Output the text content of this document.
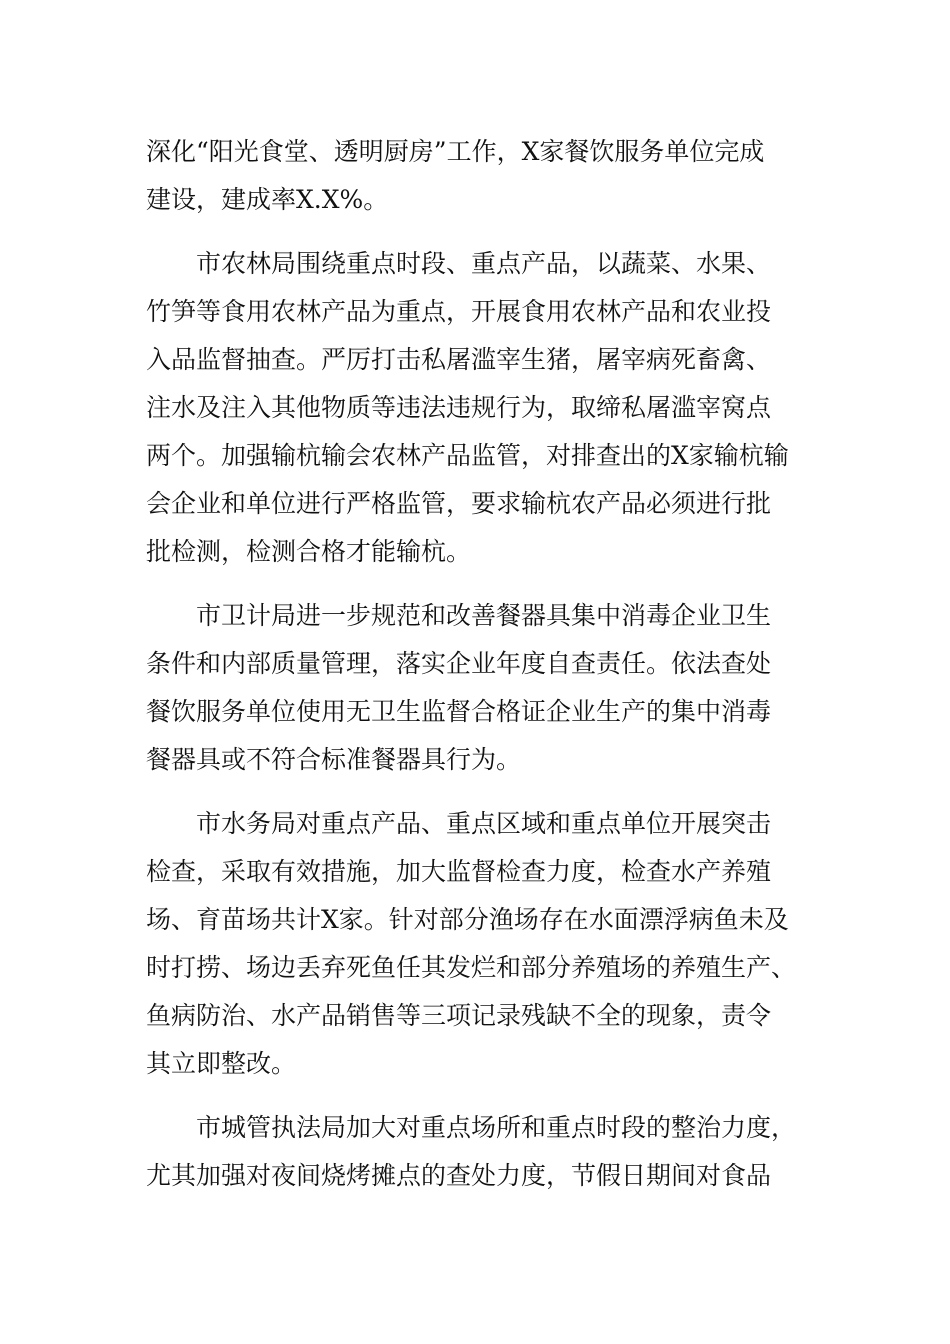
深化“阳光食堂、透明厨房”工作，X家餐饮服务单位完成
建设，建成率X.X%。
市农林局围绕重点时段、重点产品，以蔬菜、水果、
竹笋等食用农林产品为重点，开展食用农林产品和农业投
入品监督抽查。严厉打击私屠滥宰生猪，屠宰病死畜禽、
注水及注入其他物质等违法违规行为，取缔私屠滥宰窝点
两个。加强输杭输会农林产品监管，对排查出的X家输杭输
会企业和单位进行严格监管，要求输杭农产品必须进行批
批检测，检测合格才能输杭。
市卫计局进一步规范和改善餐器具集中消毒企业卫生
条件和内部质量管理，落实企业年度自查责任。依法查处
餐饮服务单位使用无卫生监督合格证企业生产的集中消毒
餐器具或不符合标准餐器具行为。
市水务局对重点产品、重点区域和重点单位开展突击
检查，采取有效措施，加大监督检查力度，检查水产养殖
场、育苗场共计X家。针对部分渔场存在水面漂浮病鱼未及
时打捞、场边丢弃死鱼任其发烂和部分养殖场的养殖生产、
鱼病防治、水产品销售等三项记录残缺不全的现象，责令
其立即整改。
市城管执法局加大对重点场所和重点时段的整治力度，
尤其加强对夜间烧烤摊点的查处力度，节假日期间对食品
